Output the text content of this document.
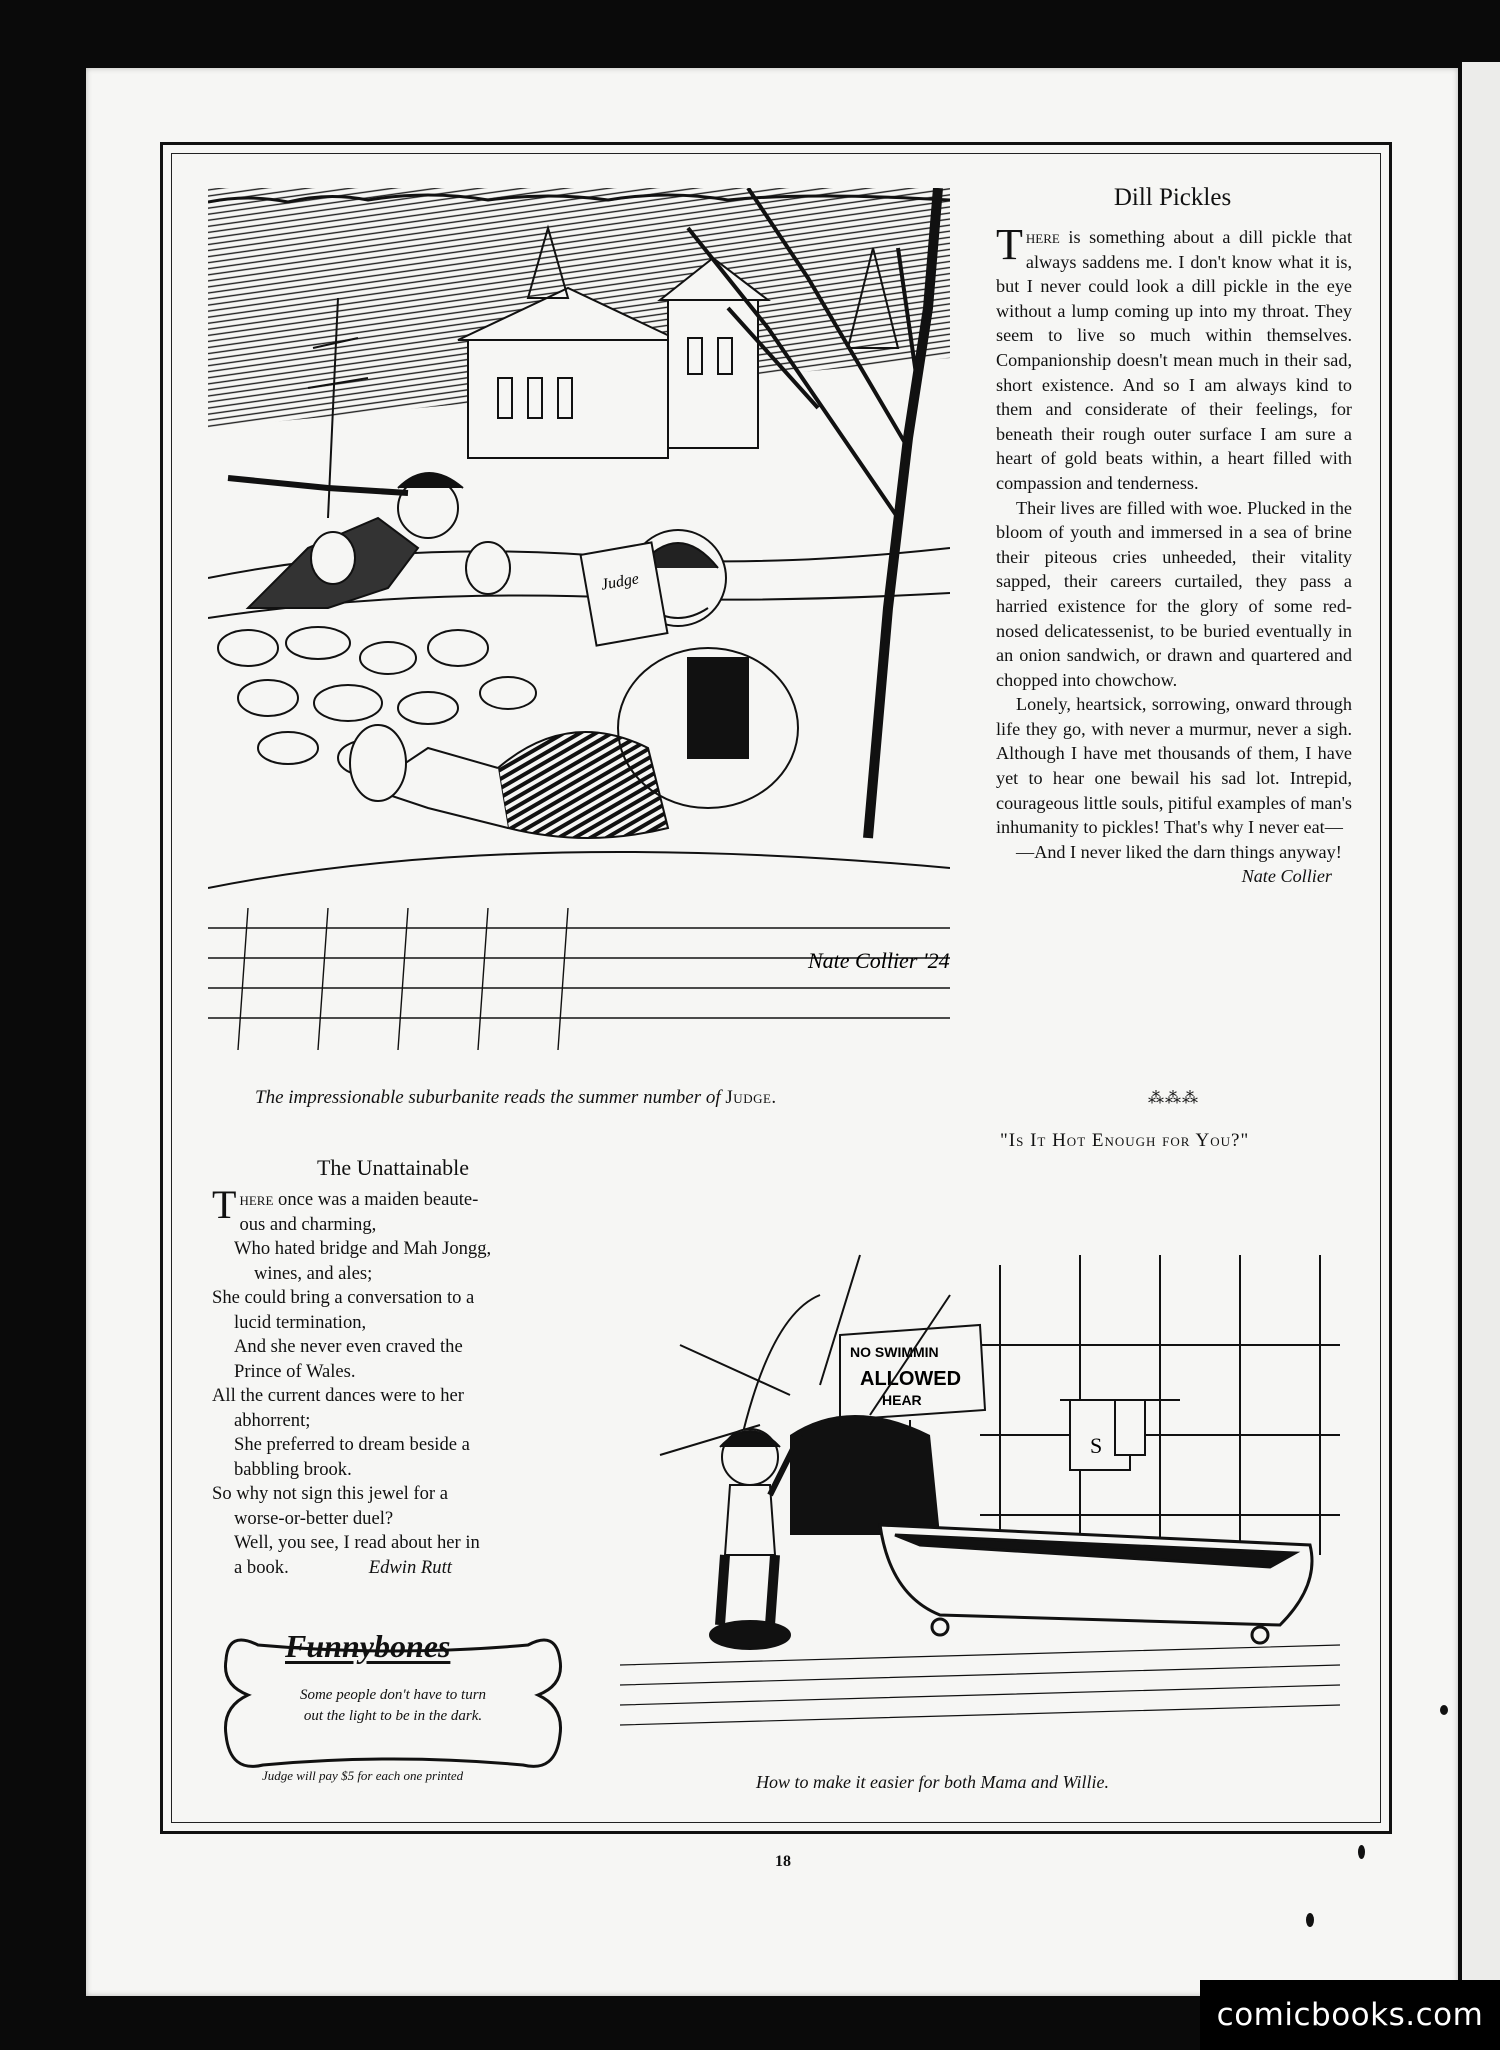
Judge
Nate Collier '24
The impressionable suburbanite reads the summer number of Judge.
Dill Pickles

There is something about a dill pickle that always saddens me. I don't know what it is, but I never could look a dill pickle in the eye without a lump coming up into my throat. They seem to live so much within themselves. Companionship doesn't mean much in their sad, short existence. And so I am always kind to them and considerate of their feelings, for beneath their rough outer surface I am sure a heart of gold beats within, a heart filled with compassion and tenderness.

Their lives are filled with woe. Plucked in the bloom of youth and immersed in a sea of brine their piteous cries unheeded, their vitality sapped, their careers curtailed, they pass a harried existence for the glory of some red-nosed delicatessenist, to be buried eventually in an onion sandwich, or drawn and quartered and chopped into chowchow.

Lonely, heartsick, sorrowing, onward through life they go, with never a murmur, never a sigh. Although I have met thousands of them, I have yet to hear one bewail his sad lot. Intrepid, courageous little souls, pitiful examples of man's inhumanity to pickles! That's why I never eat—

—And I never liked the darn things anyway!
Nate Collier

⁂⁂⁂
"Is It Hot Enough for You?"
The Unattainable
There once was a maiden beaute-
ous and charming,
Who hated bridge and Mah Jongg,
wines, and ales;
She could bring a conversation to a
lucid termination,
And she never even craved the
Prince of Wales.
All the current dances were to her
abhorrent;
She preferred to dream beside a
babbling brook.
So why not sign this jewel for a
worse-or-better duel?
Well, you see, I read about her in
a book.	Edwin Rutt
Funnybones
Some people don't have to turn
out the light to be in the dark.
Judge will pay $5 for each one printed
S
NO SWIMMIN
ALLOWED
HEAR
How to make it easier for both Mama and Willie.
18
comicbooks.com
